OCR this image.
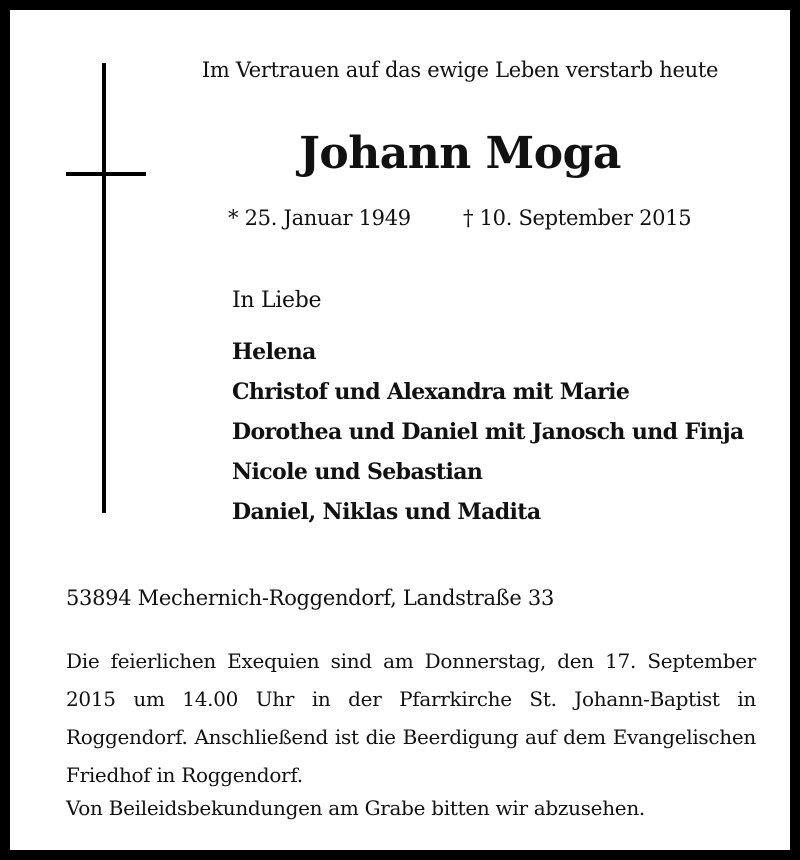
Im Vertrauen auf das ewige Leben verstarb heute
Johann Moga
* 25. Januar 1949 † 10. September 2015
In Liebe
Helena
Christof und Alexandra mit Marie
Dorothea und Daniel mit Janosch und Finja
Nicole und Sebastian
Daniel, Niklas und Madita
53894 Mechernich-Roggendorf, Landstraße 33

Die feierlichen Exequien sind am Donnerstag, den 17. September 2015 um 14.00 Uhr in der Pfarrkirche St. Johann-Baptist in Roggendorf. Anschließend ist die Beerdigung auf dem Evangelischen Friedhof in Roggendorf.

Von Beileidsbekundungen am Grabe bitten wir abzusehen.
